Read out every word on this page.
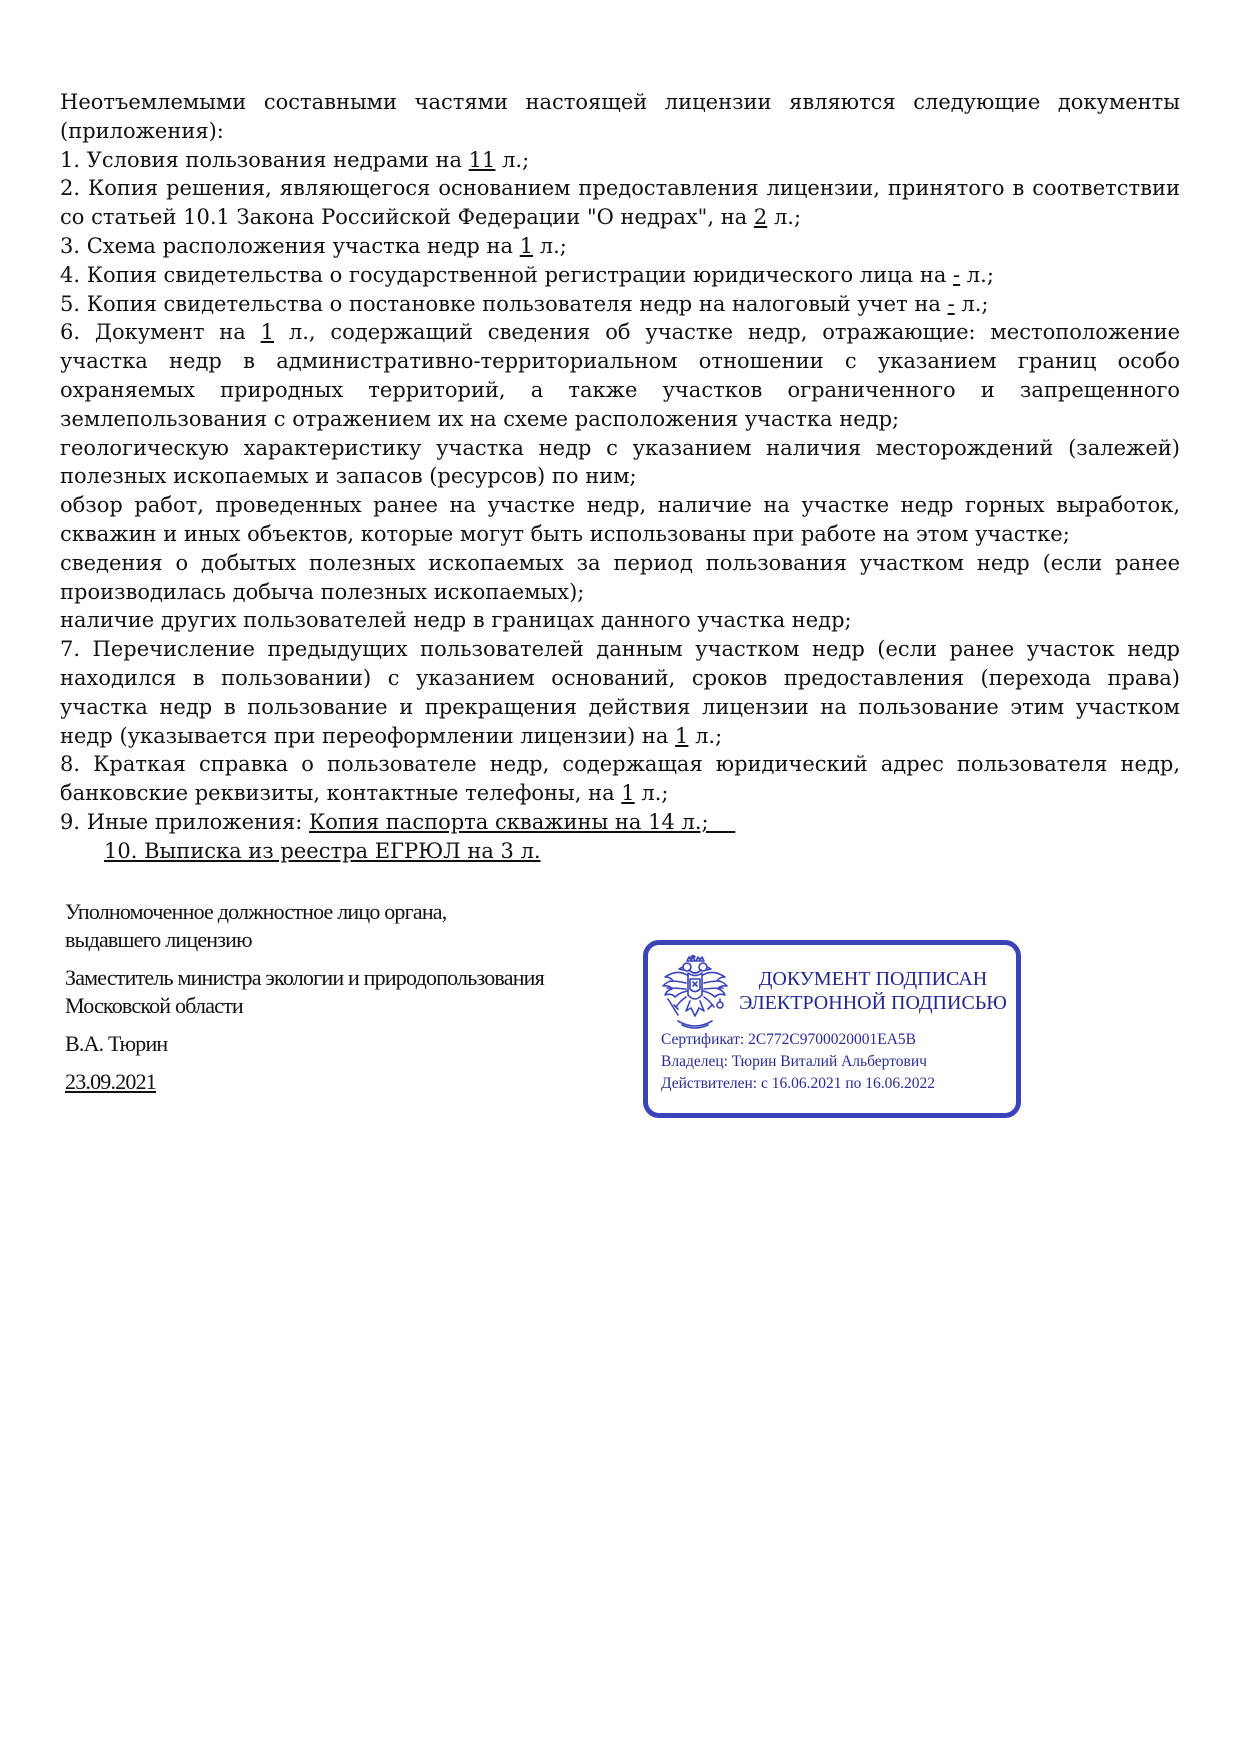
Неотъемлемыми составными частями настоящей лицензии являются следующие документы (приложения):

1. Условия пользования недрами на 11 л.;

2. Копия решения, являющегося основанием предоставления лицензии, принятого в соответствии со статьей 10.1 Закона Российской Федерации "О недрах", на 2 л.;

3. Схема расположения участка недр на 1 л.;

4. Копия свидетельства о государственной регистрации юридического лица на - л.;

5. Копия свидетельства о постановке пользователя недр на налоговый учет на - л.;

6. Документ на 1 л., содержащий сведения об участке недр, отражающие: местоположение участка недр в административно-территориальном отношении с указанием границ особо охраняемых природных территорий, а также участков ограниченного и запрещенного землепользования с отражением их на схеме расположения участка недр;

геологическую характеристику участка недр с указанием наличия месторождений (залежей) полезных ископаемых и запасов (ресурсов) по ним;

обзор работ, проведенных ранее на участке недр, наличие на участке недр горных выработок, скважин и иных объектов, которые могут быть использованы при работе на этом участке;

сведения о добытых полезных ископаемых за период пользования участком недр (если ранее производилась добыча полезных ископаемых);

наличие других пользователей недр в границах данного участка недр;

7. Перечисление предыдущих пользователей данным участком недр (если ранее участок недр находился в пользовании) с указанием оснований, сроков предоставления (перехода права) участка недр в пользование и прекращения действия лицензии на пользование этим участком недр (указывается при переоформлении лицензии) на 1 л.;

8. Краткая справка о пользователе недр, содержащая юридический адрес пользователя недр, банковские реквизиты, контактные телефоны, на 1 л.;

9. Иные приложения: Копия паспорта скважины на 14 л.;

10. Выписка из реестра ЕГРЮЛ на 3 л.

Уполномоченное должностное лицо органа,

выдавшего лицензию

Заместитель министра экологии и природопользования

Московской области

В.А. Тюрин

23.09.2021

ДОКУМЕНТ ПОДПИСАН
ЭЛЕКТРОННОЙ ПОДПИСЬЮ
Сертификат: 2C772C9700020001EA5B
Владелец: Тюрин Виталий Альбертович
Действителен: с 16.06.2021 по 16.06.2022
